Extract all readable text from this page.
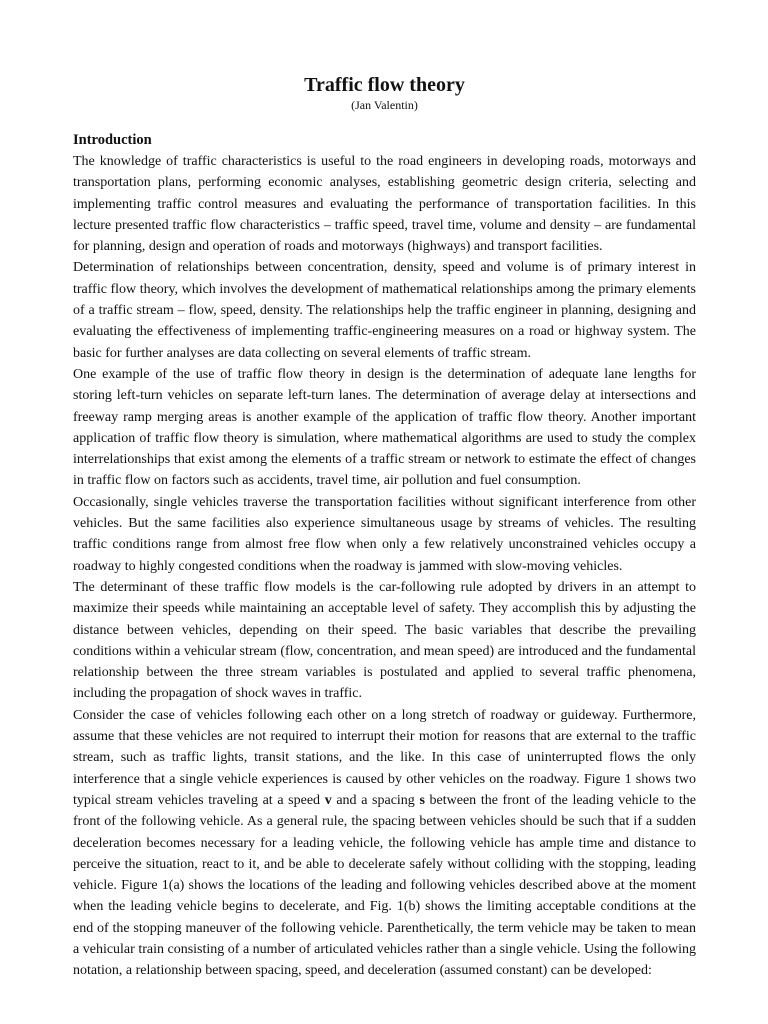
Traffic flow theory

(Jan Valentin)

Introduction

The knowledge of traffic characteristics is useful to the road engineers in developing roads, motorways and transportation plans, performing economic analyses, establishing geometric design criteria, selecting and implementing traffic control measures and evaluating the performance of transportation facilities. In this lecture presented traffic flow characteristics – traffic speed, travel time, volume and density – are fundamental for planning, design and operation of roads and motorways (highways) and transport facilities.

Determination of relationships between concentration, density, speed and volume is of primary interest in traffic flow theory, which involves the development of mathematical relationships among the primary elements of a traffic stream – flow, speed, density. The relationships help the traffic engineer in planning, designing and evaluating the effectiveness of implementing traffic-engineering measures on a road or highway system. The basic for further analyses are data collecting on several elements of traffic stream.

One example of the use of traffic flow theory in design is the determination of adequate lane lengths for storing left-turn vehicles on separate left-turn lanes. The determination of average delay at intersections and freeway ramp merging areas is another example of the application of traffic flow theory. Another important application of traffic flow theory is simulation, where mathematical algorithms are used to study the complex interrelationships that exist among the elements of a traffic stream or network to estimate the effect of changes in traffic flow on factors such as accidents, travel time, air pollution and fuel consumption.

Occasionally, single vehicles traverse the transportation facilities without significant interference from other vehicles. But the same facilities also experience simultaneous usage by streams of vehicles. The resulting traffic conditions range from almost free flow when only a few relatively unconstrained vehicles occupy a roadway to highly congested conditions when the roadway is jammed with slow-moving vehicles.

The determinant of these traffic flow models is the car-following rule adopted by drivers in an attempt to maximize their speeds while maintaining an acceptable level of safety. They accomplish this by adjusting the distance between vehicles, depending on their speed. The basic variables that describe the prevailing conditions within a vehicular stream (flow, concentration, and mean speed) are introduced and the fundamental relationship between the three stream variables is postulated and applied to several traffic phenomena, including the propagation of shock waves in traffic.

Consider the case of vehicles following each other on a long stretch of roadway or guideway. Furthermore, assume that these vehicles are not required to interrupt their motion for reasons that are external to the traffic stream, such as traffic lights, transit stations, and the like. In this case of uninterrupted flows the only interference that a single vehicle experiences is caused by other vehicles on the roadway. Figure 1 shows two typical stream vehicles traveling at a speed v and a spacing s between the front of the leading vehicle to the front of the following vehicle. As a general rule, the spacing between vehicles should be such that if a sudden deceleration becomes necessary for a leading vehicle, the following vehicle has ample time and distance to perceive the situation, react to it, and be able to decelerate safely without colliding with the stopping, leading vehicle. Figure 1(a) shows the locations of the leading and following vehicles described above at the moment when the leading vehicle begins to decelerate, and Fig. 1(b) shows the limiting acceptable conditions at the end of the stopping maneuver of the following vehicle. Parenthetically, the term vehicle may be taken to mean a vehicular train consisting of a number of articulated vehicles rather than a single vehicle. Using the following notation, a relationship between spacing, speed, and deceleration (assumed constant) can be developed:
